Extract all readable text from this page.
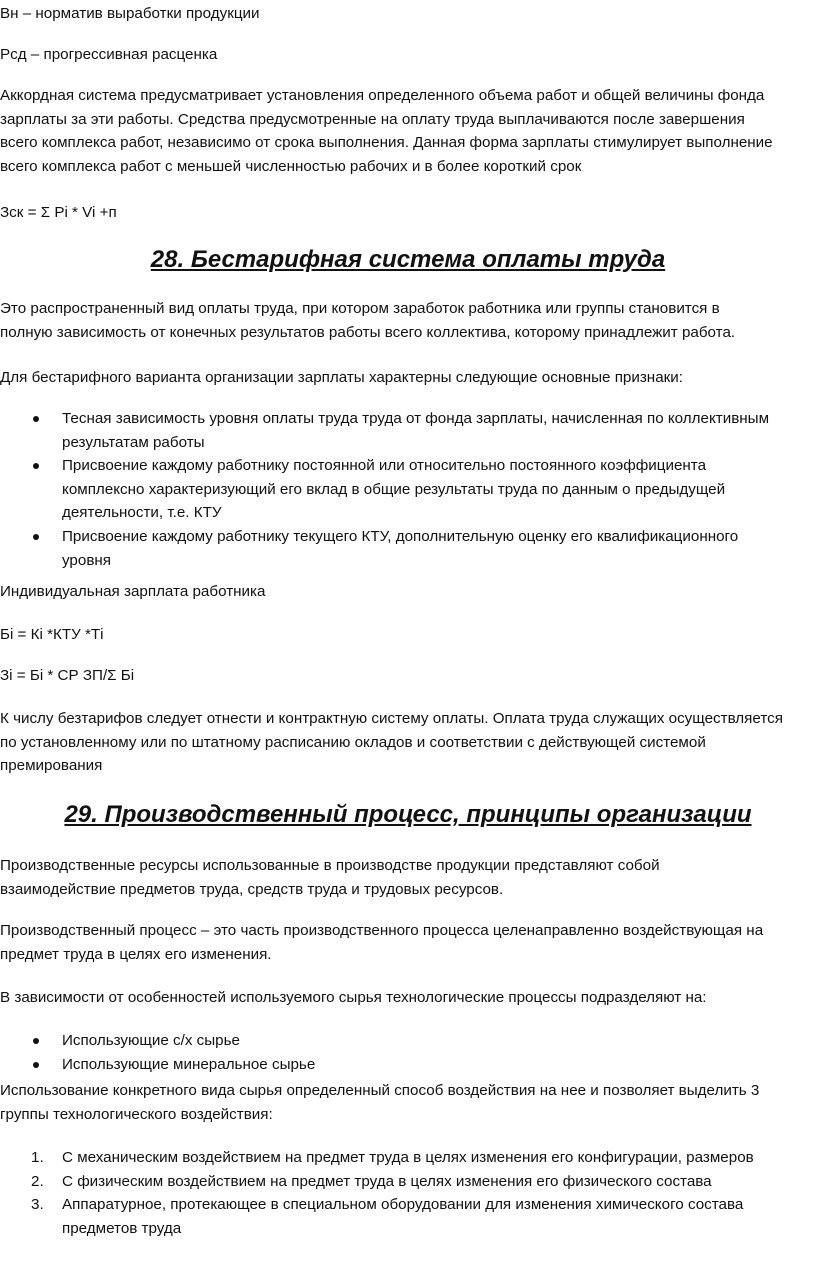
Вн – норматив выработки продукции
Рсд – прогрессивная расценка
Аккордная система предусматривает установления определенного объема работ и общей величины фонда
зарплаты за эти работы. Средства предусмотренные на оплату труда выплачиваются после завершения
всего комплекса работ, независимо от срока выполнения. Данная форма зарплаты стимулирует выполнение
всего комплекса работ с меньшей численностью рабочих и в более короткий срок
Зск = Σ Pi * Vi +п
28. Бестарифная система оплаты труда
Это распространенный вид оплаты труда, при котором заработок работника или группы становится в
полную зависимость от конечных результатов работы всего коллектива, которому принадлежит работа.
Для бестарифного варианта организации зарплаты характерны следующие основные признаки:
Тесная зависимость уровня оплаты труда труда от фонда зарплаты, начисленная по коллективным
результатам работы
Присвоение каждому работнику постоянной или относительно постоянного коэффициента
комплексно характеризующий его вклад в общие результаты труда по данным о предыдущей
деятельности, т.е. КТУ
Присвоение каждому работнику текущего КТУ, дополнительную оценку его квалификационного
уровня
Индивидуальная зарплата работника
Бi = Кi *КТУ *Тi
Зi = Бi * СР ЗП/Σ Бi
К числу безтарифов следует отнести и контрактную систему оплаты. Оплата труда служащих осуществляется
по установленному или по штатному расписанию окладов и соответствии с действующей системой
премирования
29. Производственный процесс, принципы организации
Производственные ресурсы использованные в производстве продукции представляют собой
взаимодействие предметов труда, средств труда и трудовых ресурсов.
Производственный процесс – это часть производственного процесса целенаправленно воздействующая на
предмет труда в целях его изменения.
В зависимости от особенностей используемого сырья технологические процессы подразделяют на:
Использующие с/х сырье
Использующие минеральное сырье
Использование конкретного вида сырья определенный способ воздействия на нее и позволяет выделить 3
группы технологического воздействия:
1.	С механическим воздействием на предмет труда в целях изменения его конфигурации, размеров
2.	С физическим воздействием на предмет труда в целях изменения его физического состава
3.	Аппаратурное, протекающее в специальном оборудовании для изменения химического состава
предметов труда
